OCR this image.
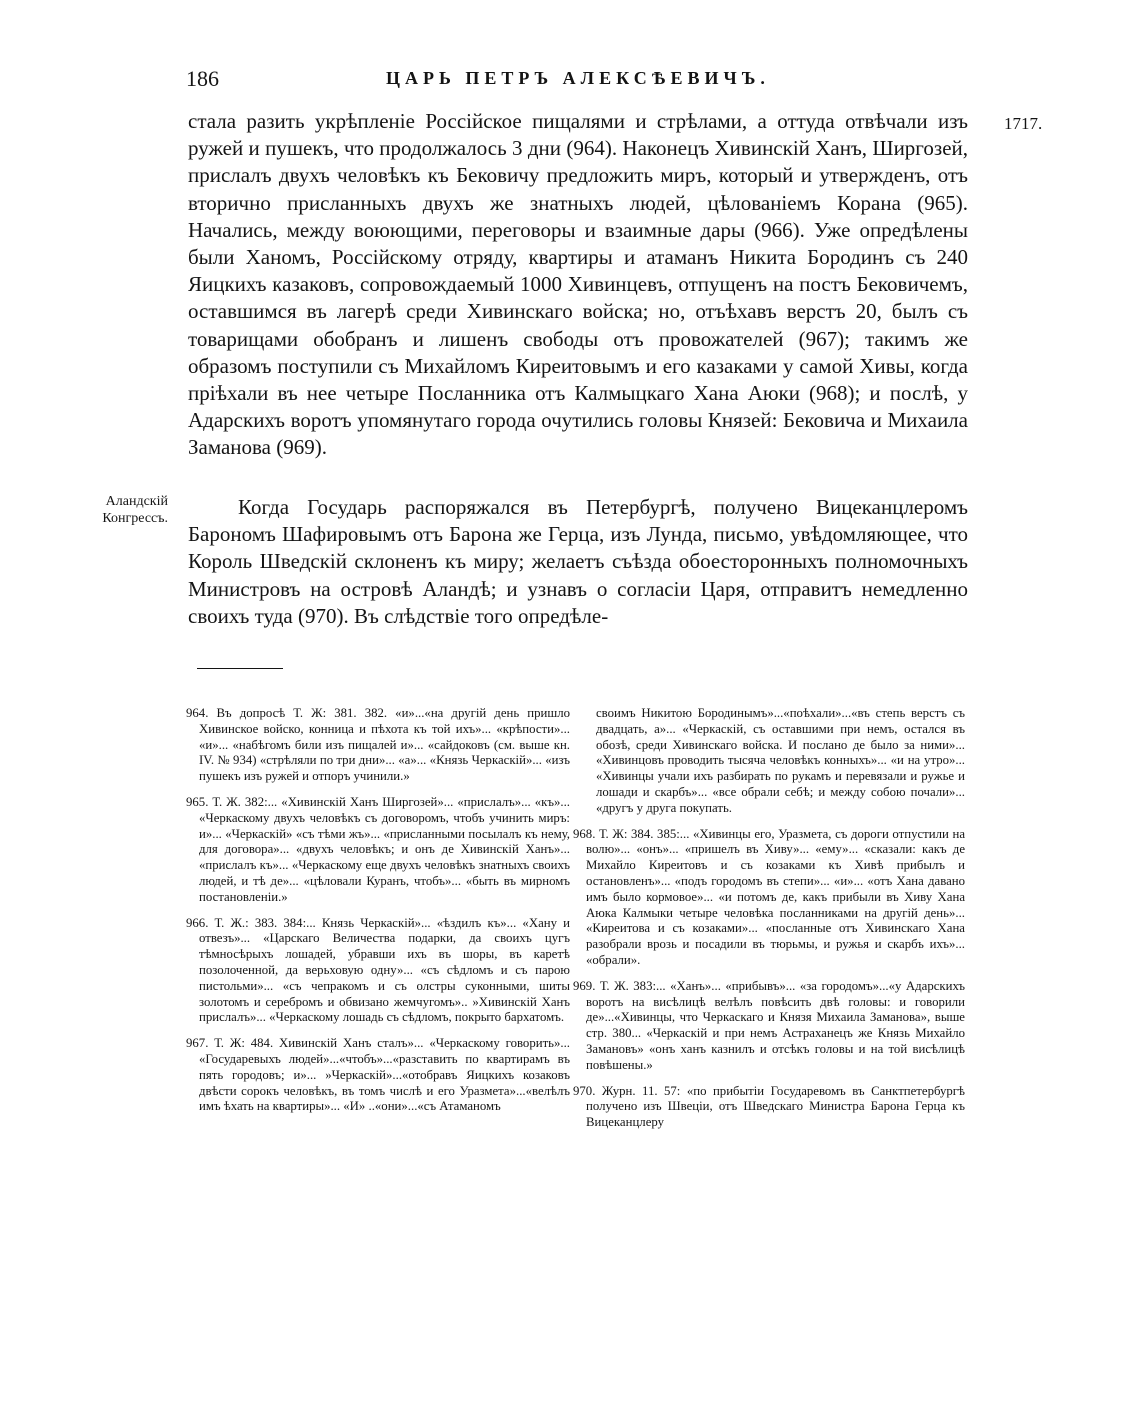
186	ЦАРЬ ПЕТРЪ АЛЕКСѢЕВИЧЪ.
1717.
Аландскiй Конгрессъ.

стала разить укрѣпленiе Россiйское пищалями и стрѣлами, а оттуда отвѣчали изъ ружей и пушекъ, что продолжалось 3 дни (964). Наконецъ Хивинскiй Ханъ, Ширгозей, прислалъ двухъ человѣкъ къ Бековичу предложить миръ, который и утвержденъ, отъ вторично присланныхъ двухъ же знатныхъ людей, цѣлованiемъ Корана (965). Начались, между воюющими, переговоры и взаимные дары (966). Уже опредѣлены были Ханомъ, Россiйскому отряду, квартиры и атаманъ Никита Бородинъ съ 240 Яицкихъ казаковъ, сопровождаемый 1000 Хивинцевъ, отпущенъ на постъ Бековичемъ, оставшимся въ лагерѣ среди Хивинскаго войска; но, отъѣхавъ верстъ 20, былъ съ товарищами обобранъ и лишенъ свободы отъ провожателей (967); такимъ же образомъ поступили съ Михайломъ Киреитовымъ и его казаками у самой Хивы, когда прiѣхали въ нее четыре Посланника отъ Калмыцкаго Хана Аюки (968); и послѣ, у Адарскихъ воротъ упомянутаго города очутились головы Князей: Бековича и Михаила Заманова (969).

Когда Государь распоряжался въ Петербургѣ, получено Вицеканцлеромъ Барономъ Шафировымъ отъ Барона же Герца, изъ Лунда, письмо, увѣдомляющее, что Король Шведскiй склоненъ къ миру; желаетъ съѣзда обоесторонныхъ полномочныхъ Министровъ на островѣ Аландѣ; и узнавъ о согласiи Царя, отправитъ немедленно своихъ туда (970). Въ слѣдствiе того опредѣле-

964. Въ допросѣ Т. Ж: 381. 382. «и»...«на другiй день пришло Хивинское войско, конница и пѣхота къ той ихъ»... «крѣпости»... «и»... «набѣгомъ били изъ пищалей и»... «сайдоковъ (см. выше кн. IV. № 934) «стрѣляли по три дни»... «а»... «Князь Черкаскiй»... «изъ пушекъ изъ ружей и отпоръ учинили.»

965. Т. Ж. 382:... «Хивинскiй Ханъ Ширгозей»... «прислалъ»... «къ»... «Черкаскому двухъ человѣкъ съ договоромъ, чтобъ учинить миръ: и»... «Черкаскiй» «съ тѣми жъ»... «присланными посылалъ къ нему, для договора»... «двухъ человѣкъ; и онъ де Хивинскiй Ханъ»... «прислалъ къ»... «Черкаскому еще двухъ человѣкъ знатныхъ своихъ людей, и тѣ де»... «цѣловали Куранъ, чтобъ»... «быть въ мирномъ постановленiи.»

966. Т. Ж.: 383. 384:... Князь Черкаскiй»... «ѣздилъ къ»... «Хану и отвезъ»... «Царскаго Величества подарки, да своихъ цугъ тѣмносѣрыхъ лошадей, убравши ихъ въ шоры, въ каретѣ позолоченной, да верьховую одну»... «съ сѣдломъ и съ парою пистольми»... «съ чепракомъ и съ олстры суконными, шиты золотомъ и серебромъ и обвизано жемчугомъ».. »Хивинскiй Ханъ прислалъ»... «Черкаскому лошадь съ сѣдломъ, покрыто бархатомъ.

967. Т. Ж: 484. Хивинскiй Ханъ сталъ»... «Черкаскому говорить»... «Государевыхъ людей»...«чтобъ»...«разставить по квартирамъ въ пять городовъ; и»... »Черкаскiй»...«отобравъ Яицкихъ козаковъ двѣсти сорокъ человѣкъ, въ томъ числѣ и его Уразмета»...«велѣлъ имъ ѣхать на квартиры»... «И» ..«они»...«съ Атаманомъ

своимъ Никитою Бородинымъ»...«поѣхали»...«въ степь верстъ съ двадцать, а»... «Черкаскiй, съ оставшими при немъ, остался въ обозѣ, среди Хивинскаго войска. И послано де было за ними»... «Хивинцовъ проводить тысяча человѣкъ конныхъ»... «и на утро»... «Хивинцы учали ихъ разбирать по рукамъ и перевязали и ружье и лошади и скарбъ»... «все обрали себѣ; и между собою почали»... «другъ у друга покупать.

968. Т. Ж: 384. 385:... «Хивинцы его, Уразмета, съ дороги отпустили на волю»... «онъ»... «пришелъ въ Хиву»... «ему»... «сказали: какъ де Михайло Киреитовъ и съ козаками къ Хивѣ прибылъ и остановленъ»... «подъ городомъ въ степи»... «и»... «отъ Хана давано имъ было кормовое»... «и потомъ де, какъ прибыли въ Хиву Хана Аюка Калмыки четыре человѣка посланниками на другiй день»... «Киреитова и съ козаками»... «посланные отъ Хивинскаго Хана разобрали врозь и посадили въ тюрьмы, и ружья и скарбъ ихъ»... «обрали».

969. Т. Ж. 383:... «Ханъ»... «прибывъ»... «за городомъ»...«у Адарскихъ воротъ на висѣлицѣ велѣлъ повѣсить двѣ головы: и говорили де»...«Хивинцы, что Черкаскаго и Князя Михаила Заманова», выше стр. 380... «Черкаскiй и при немъ Астраханецъ же Князь Михайло Замановъ» «онъ ханъ казнилъ и отсѣкъ головы и на той висѣлицѣ повѣшены.»

970. Журн. 11. 57: «по прибытiи Государевомъ въ Санктпетербургѣ получено изъ Швецiи, отъ Шведскаго Министра Барона Герца къ Вицеканцлеру
